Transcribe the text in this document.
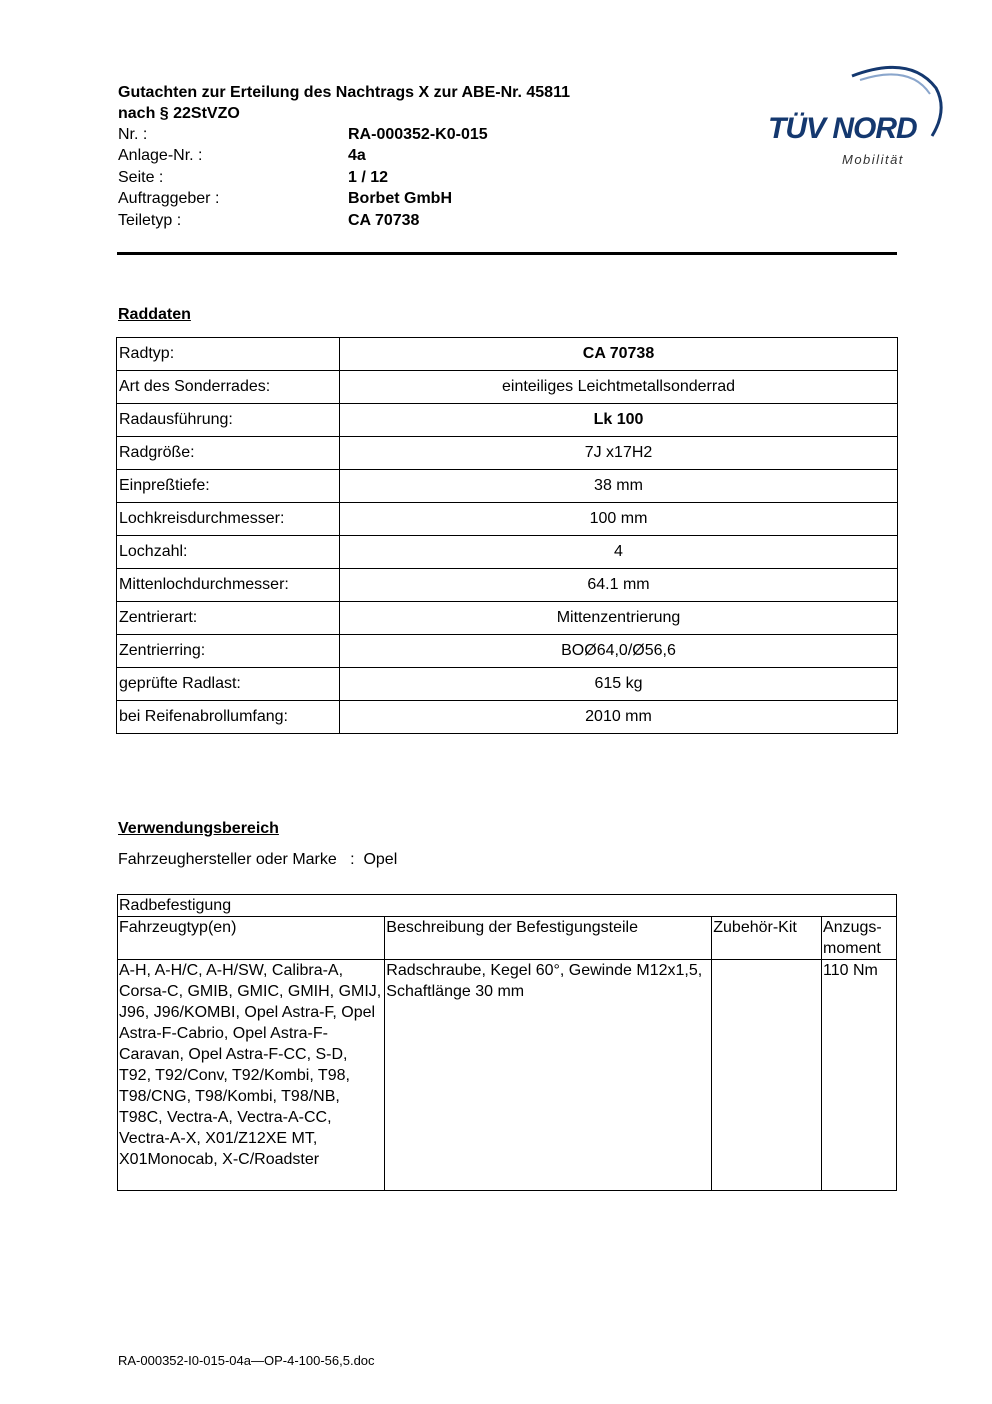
Gutachten zur Erteilung des Nachtrags X zur ABE-Nr. 45811 nach § 22StVZO
Nr. :	RA-000352-K0-015
Anlage-Nr. :	4a
Seite :	1 / 12
Auftraggeber :	Borbet GmbH
Teiletyp :	CA 70738
TÜV NORD
Mobilität
Raddaten
Radtyp:	CA 70738
Art des Sonderrades:	einteiliges Leichtmetallsonderrad
Radausführung:	Lk 100
Radgröße:	7J x17H2
Einpreßtiefe:	38 mm
Lochkreisdurchmesser:	100 mm
Lochzahl:	4
Mittenlochdurchmesser:	64.1 mm
Zentrierart:	Mittenzentrierung
Zentrierring:	BOØ64,0/Ø56,6
geprüfte Radlast:	615 kg
bei Reifenabrollumfang:	2010 mm
Verwendungsbereich
Fahrzeughersteller oder Marke : Opel
Radbefestigung			
Fahrzeugtyp(en)	Beschreibung der Befestigungsteile	Zubehör-Kit	Anzugs-moment
A-H, A-H/C, A-H/SW, Calibra-A, Corsa-C, GMIB, GMIC, GMIH, GMIJ, J96, J96/KOMBI, Opel Astra-F, Opel Astra-F-Cabrio, Opel Astra-F-Caravan, Opel Astra-F-CC, S-D, T92, T92/Conv, T92/Kombi, T98, T98/CNG, T98/Kombi, T98/NB, T98C, Vectra-A, Vectra-A-CC, Vectra-A-X, X01/Z12XE MT, X01Monocab, X-C/Roadster	Radschraube, Kegel 60°, Gewinde M12x1,5, Schaftlänge 30 mm		110 Nm
RA-000352-I0-015-04a—OP-4-100-56,5.doc
